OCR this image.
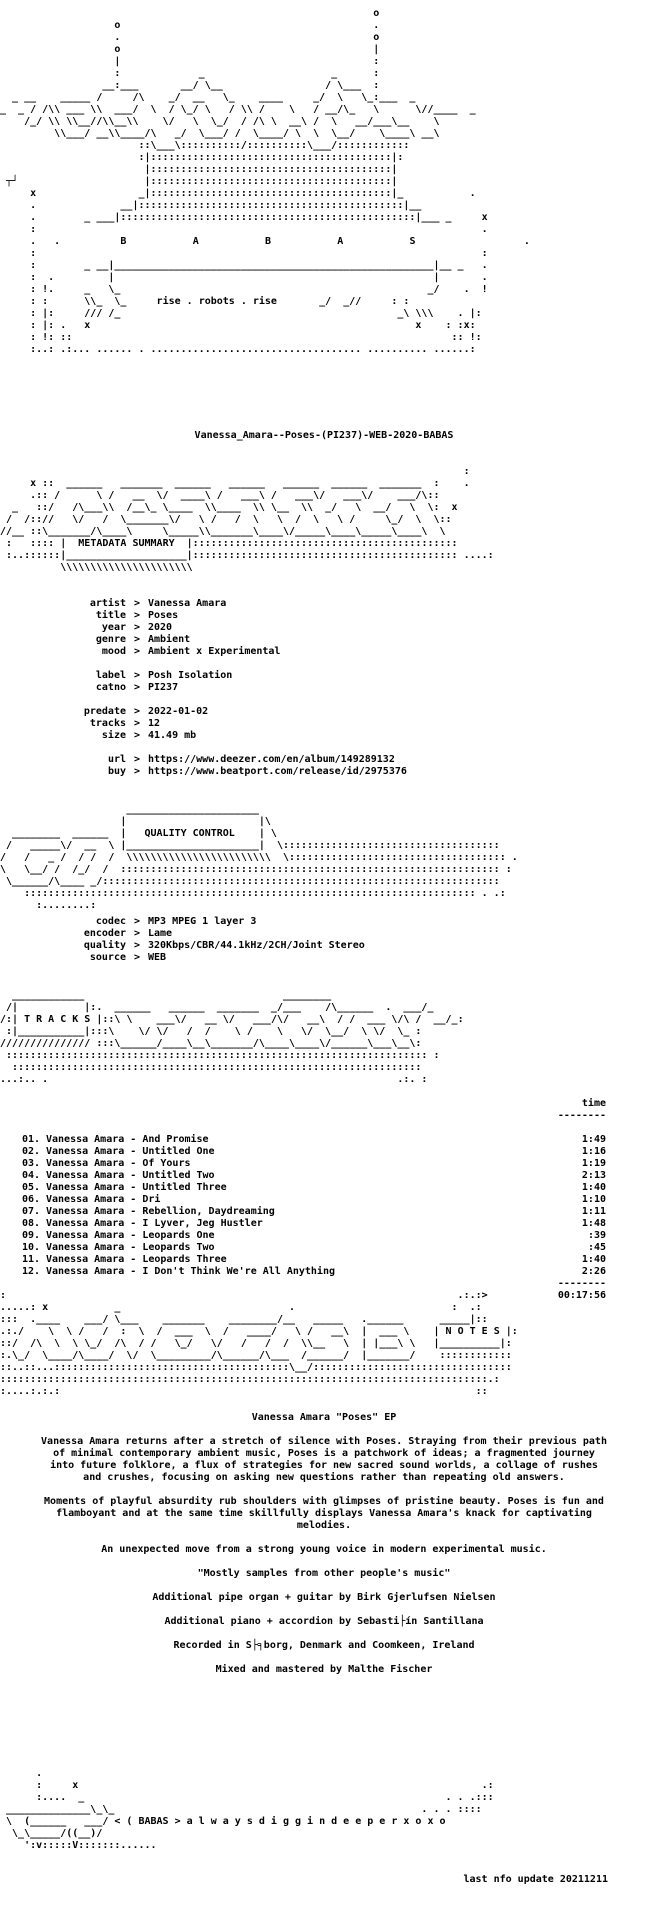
o
o                                          .
.                                          o
o                                          |
|                                          :
:             _                     _      :
__:___       __/ \__                 / \___  :
_ __    _____ /     /\    _/  __   \_    ____     _/  \   \_:___  _
_  _ / /\\ ___ \\  ___/  \  / \_/ \   / \\ /    \   / __/\_   \      \//____  _
/_/ \\ \\__//\\__\\    \/   \  \_/  / /\ \  __\ /  \   __/___\__    \
\\___/ __\\____/\   _/  \___/ /  \____/ \  \  \__/    \____\ __\
::\___\::::::::::/::::::::::\___/::::::::::::
:|::::::::::::::::::::::::::::::::::::::::|:
|::::::::::::::::::::::::::::::::::::::::|
┬┘                     |::::::::::::::::::::::::::::::::::::::::|
x                 _|::::::::::::::::::::::::::::::::::::::::|_           .
.              __|::::::::::::::::::::::::::::::::::::::::::::|__
.        _ ___|:::::::::::::::::::::::::::::::::::::::::::::::::|___ _     x
:                                                                          .
.   .	B	A	B	A	S	.
:                                                                          :
:        _ __|_____________________________________________________|__ _   .
:  .         |                                                     |       .
: !.     _   \_                                                   _/    .  !
: :      \\_  \_	rise . robots . rise	_/  _//     : :
: |:     /// /_                                              _\ \\\    . |:
: |: .   x                                                      x    : :x:
: !: ::                                                               :: !:
:..: .:... ...... . ................................... .......... ......:
Vanessa_Amara--Poses-(PI237)-WEB-2020-BABAS
:
x ::  ______   _______  ______   ______   ______  ______  _______  :    .
.:: /      \ /   __  \/  ____\ /   ___\ /   ___\/   ___\/    ___/\::
_   ::/   /\___\\  /__\_ \____  \\____  \\ \__  \\  _/   \  __/   \  \:  x
/  /:://   \/   /  \_______\/   \ /   /  \   \  /  \   \ /     \_/  \  \::
//__ ::\_______/\____\     \_____\\_______\____\/_____\____\_____\____\  \
:   :::: |  METADATA SUMMARY  |::::::::::::::::::::::::::::::::::::::::::::
:..::::::|____________________|:::::::::::::::::::::::::::::::::::::::::::: ....:
\\\\\\\\\\\\\\\\\\\\\\
artist > Vanessa Amara
title > Poses
year > 2020
genre > Ambient
mood > Ambient x Experimental
label > Posh Isolation
catno > PI237
predate > 2022-01-02
tracks > 12
size > 41.49 mb
url > https://www.deezer.com/en/album/149289132
buy > https://www.beatport.com/release/id/2975376
______________________
|                      |\
________  ______  |   QUALITY CONTROL    | \
/   _____\/  __  \ |______________________|  \::::::::::::::::::::::::::::::::::::
/   /   _ /  / /  /  \\\\\\\\\\\\\\\\\\\\\\\\  \:::::::::::::::::::::::::::::::::::: .
\   \__/ /  /_/  /  ::::::::::::::::::::::::::::::::::::::::::::::::::::::::::::::: :
\______/\____ _/::::::::::::::::::::::::::::::::::::::::::::::::::::::::::::::::::
::::::::::::::::::::::::::::::::::::::::::::::::::::::::::::::::::::::::::: . .:
:........:
codec > MP3 MPEG 1 layer 3
encoder > Lame
quality > 320Kbps/CBR/44.1kHz/2CH/Joint Stereo
source > WEB
____________                                 ________
/|           |:.  ______   ______  _______  _/___    /\______  .  ___/_
/:| T R A C K S |::\ \    ___\/   __ \/   ___/\/   __\  / /  ___ \/\ /  __/_:
:|___________|:::\    \/ \/   /  /    \ /    \   \/  \__/  \ \/  \_ :
/////////////// :::\______/____\__\_______/\____\____\/______\___\__\:
:::::::::::::::::::::::::::::::::::::::::::::::::::::::::::::::::::::: :
::::::::::::::::::::::::::::::::::::::::::::::::::::::::::::::::::::
...:.. .                                                          .:. :
time
--------
01. Vanessa Amara - And Promise	1:49
02. Vanessa Amara - Untitled One	1:16
03. Vanessa Amara - Of Yours	1:19
04. Vanessa Amara - Untitled Two	2:13
05. Vanessa Amara - Untitled Three	1:40
06. Vanessa Amara - Dri	1:10
07. Vanessa Amara - Rebellion, Daydreaming	1:11
08. Vanessa Amara - I Lyver, Jeg Hustler	1:48
09. Vanessa Amara - Leopards One	:39
10. Vanessa Amara - Leopards Two	:45
11. Vanessa Amara - Leopards Three	1:40
12. Vanessa Amara - I Don't Think We're All Anything	2:26
--------
00:17:56
:                                                                           .:.:>
.....: x           _                            .                          :  .:
:::  .____    ___/ \___    _______    ________/__   _____   .______      _____|::
.:./    \  \ /   /  :  \  /  ___  \  /   ____/   \ /   __\  |  ___ \    | N O T E S |:
::/  /\  \  \ \_/  /\  / /   \_/   \/   /   /  /  \\__   \  | |___\ \   |__________|:
:.\_/  \____/\____/  \/  \_________/\______/\___  /______/  |_______/    ::::::::::::
::..::...:::::::::::::::::::::::::::::::::::::::\__/:::::::::::::::::::::::::::::::::
:::::::::::::::::::::::::::::::::::::::::::::::::::::::::::::::::::::::::::::::::.:
:....:.:.:                                                                     ::

Vanessa Amara "Poses" EP

Vanessa Amara returns after a stretch of silence with Poses. Straying from their previous path of minimal contemporary ambient music, Poses is a patchwork of ideas; a fragmented journey into future folklore, a flux of strategies for new sacred sound worlds, a collage of rushes and crushes, focusing on asking new questions rather than repeating old answers.

Moments of playful absurdity rub shoulders with glimpses of pristine beauty. Poses is fun and flamboyant and at the same time skillfully displays Vanessa Amara's knack for captivating melodies.

An unexpected move from a strong young voice in modern experimental music.

"Mostly samples from other people's music"

Additional pipe organ + guitar by Birk Gjerlufsen Nielsen

Additional piano + accordion by Sebasti├ín Santillana

Recorded in S├╕borg, Denmark and Coomkeen, Ireland

Mixed and mastered by Malthe Fischer

.
:     x                                                                   .:
:....  _                                                            . . .:::
______________\_\_                                                   . . . ::::
\  (______   ___/ < ( BABAS > a l w a y s d i g g i n d e e p e r x o x o
\_\_____/((__)/
':v:::::V:::::::......
last nfo update 20211211
